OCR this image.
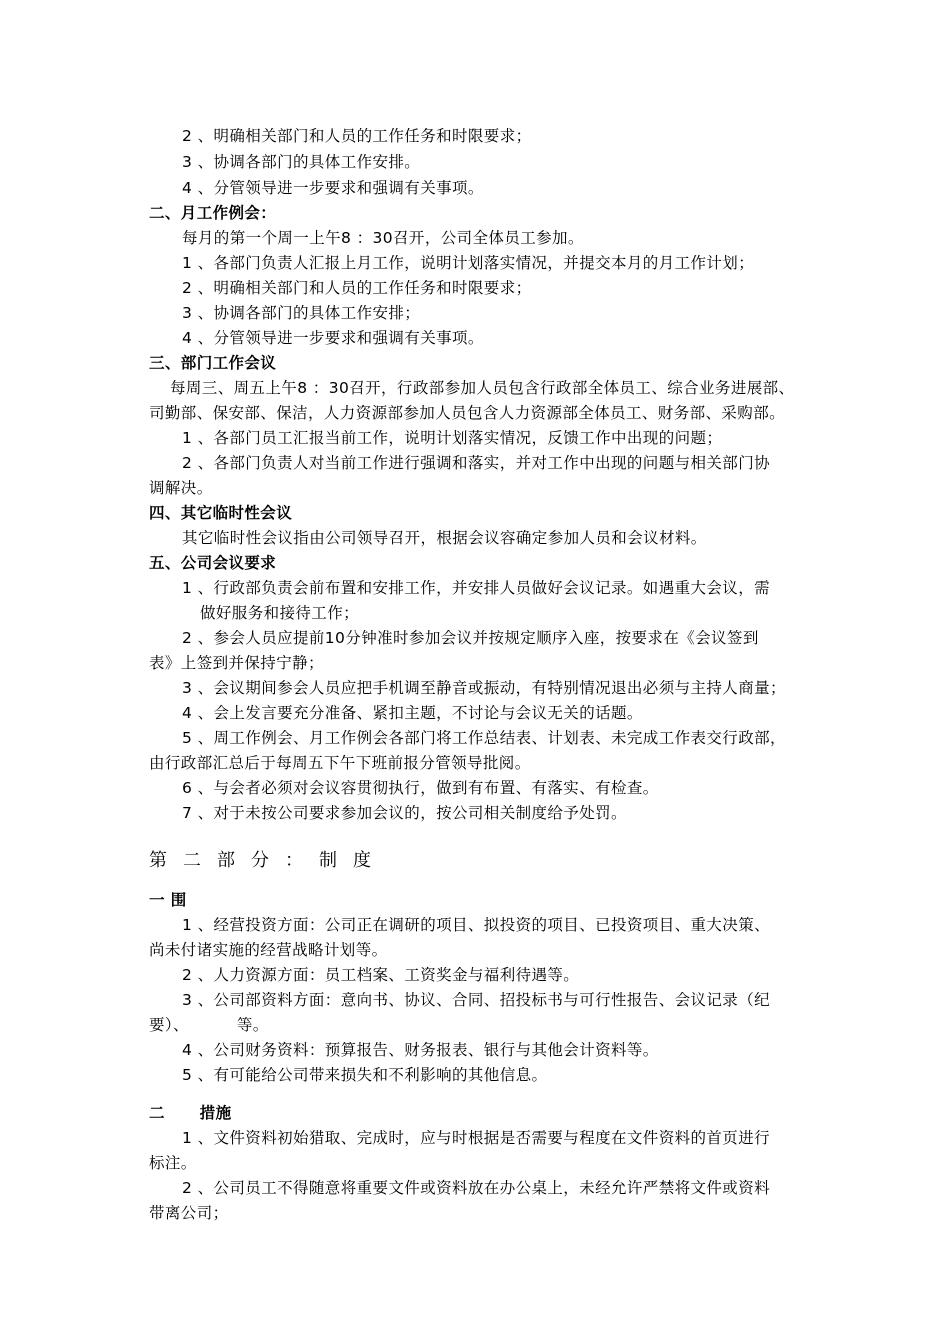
2 、明确相关部门和人员的工作任务和时限要求；
3 、协调各部门的具体工作安排。
4 、分管领导进一步要求和强调有关事项。
二、月工作例会：
每月的第一个周一上午8 ：30召开，公司全体员工参加。
1 、各部门负责人汇报上月工作，说明计划落实情况，并提交本月的月工作计划；
2 、明确相关部门和人员的工作任务和时限要求；
3 、协调各部门的具体工作安排；
4 、分管领导进一步要求和强调有关事项。
三、部门工作会议
每周三、周五上午8 ：30召开，行政部参加人员包含行政部全体员工、综合业务进展部、
司勤部、保安部、保洁，人力资源部参加人员包含人力资源部全体员工、财务部、采购部。
1 、各部门员工汇报当前工作，说明计划落实情况，反馈工作中出现的问题；
2 、各部门负责人对当前工作进行强调和落实，并对工作中出现的问题与相关部门协
调解决。
四、其它临时性会议
其它临时性会议指由公司领导召开，根据会议容确定参加人员和会议材料。
五、公司会议要求
1 、行政部负责会前布置和安排工作，并安排人员做好会议记录。如遇重大会议，需
做好服务和接待工作；
2 、参会人员应提前10分钟准时参加会议并按规定顺序入座，按要求在《会议签到
表》上签到并保持宁静；
3 、会议期间参会人员应把手机调至静音或振动，有特别情况退出必须与主持人商量；
4 、会上发言要充分准备、紧扣主题，不讨论与会议无关的话题。
5 、周工作例会、月工作例会各部门将工作总结表、计划表、未完成工作表交行政部，
由行政部汇总后于每周五下午下班前报分管领导批阅。
6 、与会者必须对会议容贯彻执行，做到有布置、有落实、有检查。
7 、对于未按公司要求参加会议的，按公司相关制度给予处罚。
第二部分：制度
一 围
1 、经营投资方面：公司正在调研的项目、拟投资的项目、已投资项目、重大决策、
尚未付诸实施的经营战略计划等。
2 、人力资源方面：员工档案、工资奖金与福利待遇等。
3 、公司部资料方面：意向书、协议、合同、招投标书与可行性报告、会议记录（纪
要）、         等。
4 、公司财务资料：预算报告、财务报表、银行与其他会计资料等。
5 、有可能给公司带来损失和不利影响的其他信息。
二      措施
1 、文件资料初始猎取、完成时，应与时根据是否需要与程度在文件资料的首页进行
标注。
2 、公司员工不得随意将重要文件或资料放在办公桌上，未经允许严禁将文件或资料
带离公司；
